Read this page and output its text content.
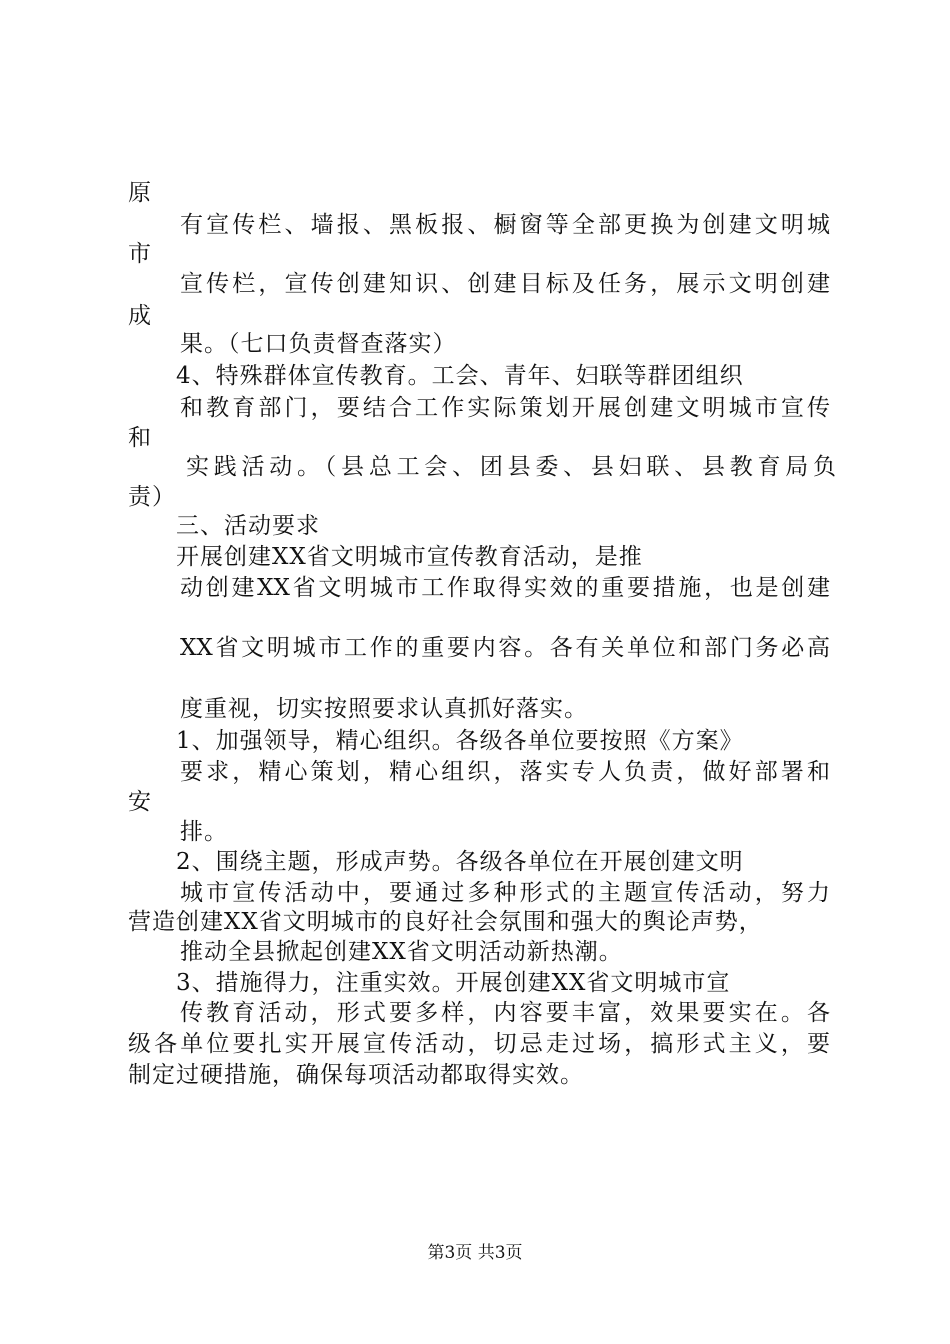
原
有宣传栏、墙报、黑板报、橱窗等全部更换为创建文明城
市
宣传栏，宣传创建知识、创建目标及任务，展示文明创建
成
果。（七口负责督查落实）
4、特殊群体宣传教育。工会、青年、妇联等群团组织
和教育部门，要结合工作实际策划开展创建文明城市宣传
和
实践活动。（县总工会、团县委、县妇联、县教育局负
责）
三、活动要求
开展创建XX省文明城市宣传教育活动，是推
动创建XX省文明城市工作取得实效的重要措施，也是创建
XX省文明城市工作的重要内容。各有关单位和部门务必高
度重视，切实按照要求认真抓好落实。
1、加强领导，精心组织。各级各单位要按照《方案》
要求，精心策划，精心组织，落实专人负责，做好部署和
安
排。
2、围绕主题，形成声势。各级各单位在开展创建文明
城市宣传活动中，要通过多种形式的主题宣传活动，努力
营造创建XX省文明城市的良好社会氛围和强大的舆论声势，
推动全县掀起创建XX省文明活动新热潮。
3、措施得力，注重实效。开展创建XX省文明城市宣
传教育活动，形式要多样，内容要丰富，效果要实在。各
级各单位要扎实开展宣传活动，切忌走过场，搞形式主义，要
制定过硬措施，确保每项活动都取得实效。
第3页 共3页
